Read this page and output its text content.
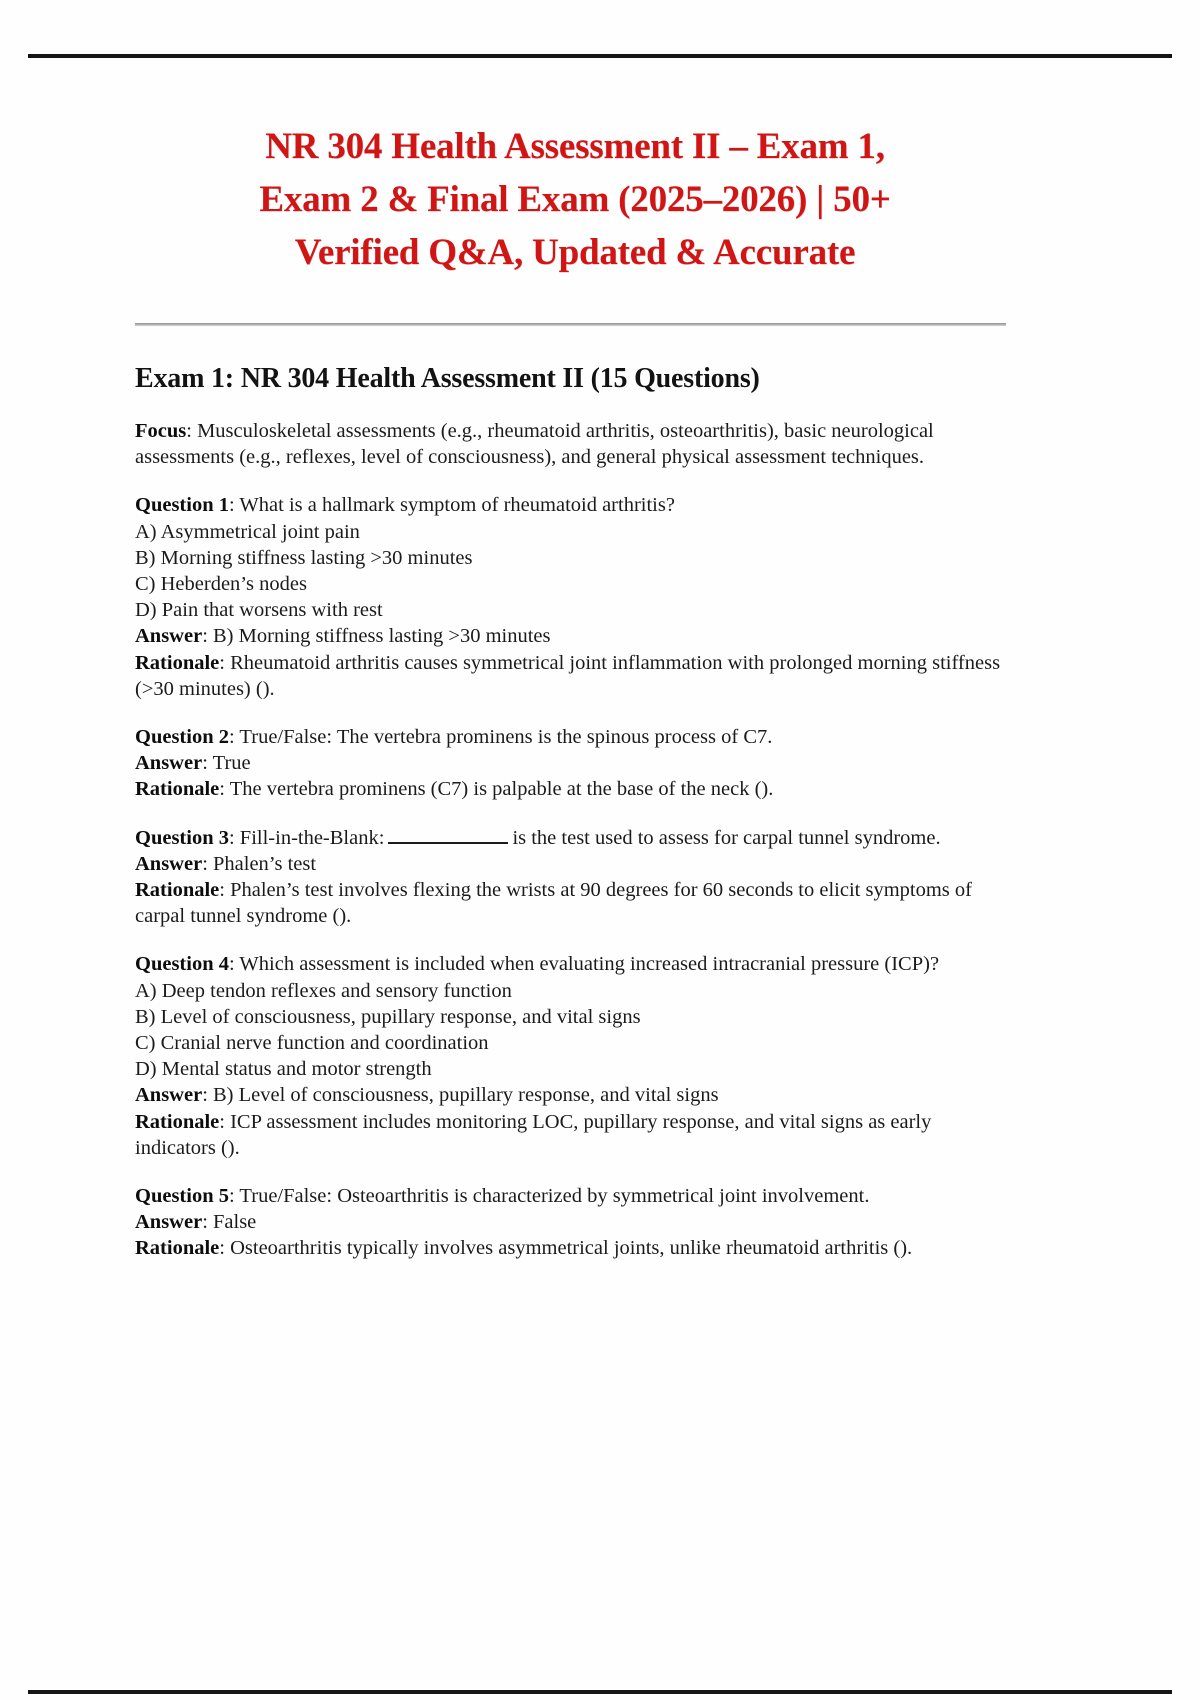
NR 304 Health Assessment II – Exam 1,
Exam 2 & Final Exam (2025–2026) | 50+
Verified Q&A, Updated & Accurate
Exam 1: NR 304 Health Assessment II (15 Questions)

Focus: Musculoskeletal assessments (e.g., rheumatoid arthritis, osteoarthritis), basic neurological assessments (e.g., reflexes, level of consciousness), and general physical assessment techniques.

Question 1: What is a hallmark symptom of rheumatoid arthritis?

A) Asymmetrical joint pain

B) Morning stiffness lasting >30 minutes

C) Heberden’s nodes

D) Pain that worsens with rest

Answer: B) Morning stiffness lasting >30 minutes

Rationale: Rheumatoid arthritis causes symmetrical joint inflammation with prolonged morning stiffness (>30 minutes) ().

Question 2: True/False: The vertebra prominens is the spinous process of C7.

Answer: True

Rationale: The vertebra prominens (C7) is palpable at the base of the neck ().

Question 3: Fill-in-the-Blank:	is the test used to assess for carpal tunnel syndrome.

Answer: Phalen’s test

Rationale: Phalen’s test involves flexing the wrists at 90 degrees for 60 seconds to elicit symptoms of carpal tunnel syndrome ().

Question 4: Which assessment is included when evaluating increased intracranial pressure (ICP)?

A) Deep tendon reflexes and sensory function

B) Level of consciousness, pupillary response, and vital signs

C) Cranial nerve function and coordination

D) Mental status and motor strength

Answer: B) Level of consciousness, pupillary response, and vital signs

Rationale: ICP assessment includes monitoring LOC, pupillary response, and vital signs as early indicators ().

Question 5: True/False: Osteoarthritis is characterized by symmetrical joint involvement.

Answer: False

Rationale: Osteoarthritis typically involves asymmetrical joints, unlike rheumatoid arthritis ().
